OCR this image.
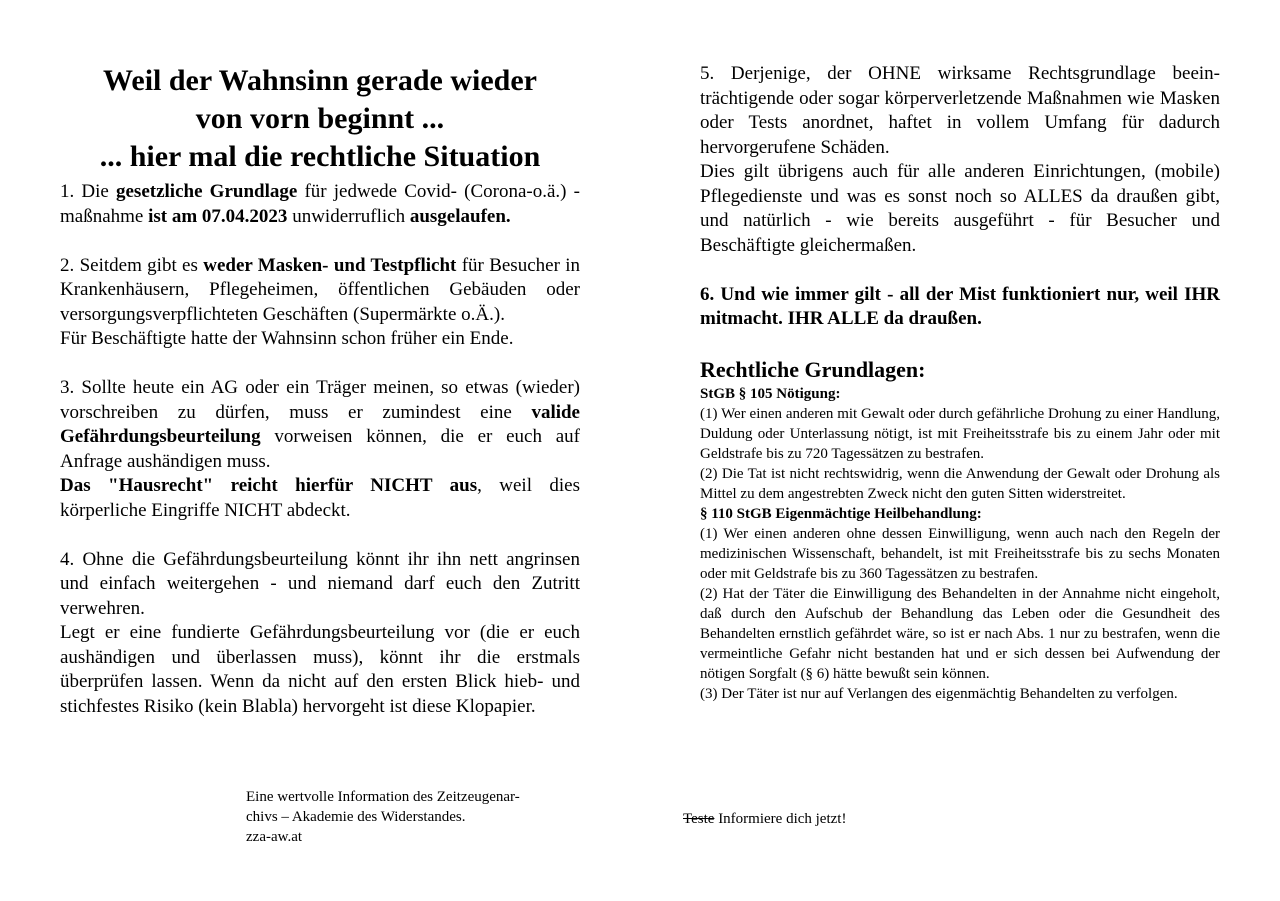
Weil der Wahnsinn gerade wieder
von vorn beginnt ...
... hier mal die rechtliche Situation

1. Die gesetzliche Grundlage für jedwede Covid- (Corona-o.ä.) -maßnahme ist am 07.04.2023 unwiderruflich ausgelaufen.

2. Seitdem gibt es weder Masken- und Testpflicht für Besucher in Krankenhäusern, Pflegeheimen, öffentlichen Gebäuden oder versorgungsverpflichteten Geschäften (Supermärkte o.Ä.).

Für Beschäftigte hatte der Wahnsinn schon früher ein Ende.

3. Sollte heute ein AG oder ein Träger meinen, so etwas (wieder) vorschreiben zu dürfen, muss er zumindest eine valide Gefährdungsbeurteilung vorweisen können, die er euch auf Anfrage aushändigen muss.

Das "Hausrecht" reicht hierfür NICHT aus, weil dies körperliche Eingriffe NICHT abdeckt.

4. Ohne die Gefährdungsbeurteilung könnt ihr ihn nett angrinsen und einfach weitergehen - und niemand darf euch den Zutritt verwehren.

Legt er eine fundierte Gefährdungsbeurteilung vor (die er euch aushändigen und überlassen muss), könnt ihr die erstmals überprüfen lassen. Wenn da nicht auf den ersten Blick hieb- und stichfestes Risiko (kein Blabla) hervorgeht ist diese Klopapier.

Eine wertvolle Information des Zeitzeugenar-
chivs – Akademie des Widerstandes.
zza-aw.at

5. Derjenige, der OHNE wirksame Rechtsgrundlage beeinträchtigende oder sogar körperverletzende Maßnahmen wie Masken oder Tests anordnet, haftet in vollem Umfang für dadurch hervorgerufene Schäden.

Dies gilt übrigens auch für alle anderen Einrichtungen, (mobile) Pflegedienste und was es sonst noch so ALLES da draußen gibt, und natürlich - wie bereits ausgeführt - für Besucher und Beschäftigte gleichermaßen.

6. Und wie immer gilt - all der Mist funktioniert nur, weil IHR mitmacht. IHR ALLE da draußen.

Rechtliche Grundlagen:

StGB § 105 Nötigung:

(1) Wer einen anderen mit Gewalt oder durch gefährliche Drohung zu einer Handlung, Duldung oder Unterlassung nötigt, ist mit Freiheitsstrafe bis zu einem Jahr oder mit Geldstrafe bis zu 720 Tagessätzen zu bestrafen.

(2) Die Tat ist nicht rechtswidrig, wenn die Anwendung der Gewalt oder Drohung als Mittel zu dem angestrebten Zweck nicht den guten Sitten widerstreitet.

§ 110 StGB Eigenmächtige Heilbehandlung:

(1) Wer einen anderen ohne dessen Einwilligung, wenn auch nach den Regeln der medizinischen Wissenschaft, behandelt, ist mit Freiheitsstrafe bis zu sechs Monaten oder mit Geldstrafe bis zu 360 Tagessätzen zu bestrafen.

(2) Hat der Täter die Einwilligung des Behandelten in der Annahme nicht eingeholt, daß durch den Aufschub der Behandlung das Leben oder die Gesundheit des Behandelten ernstlich gefährdet wäre, so ist er nach Abs. 1 nur zu bestrafen, wenn die vermeintliche Gefahr nicht bestanden hat und er sich dessen bei Aufwendung der nötigen Sorgfalt (§ 6) hätte bewußt sein können.

(3) Der Täter ist nur auf Verlangen des eigenmächtig Behandelten zu verfolgen.

Teste Informiere dich jetzt!
